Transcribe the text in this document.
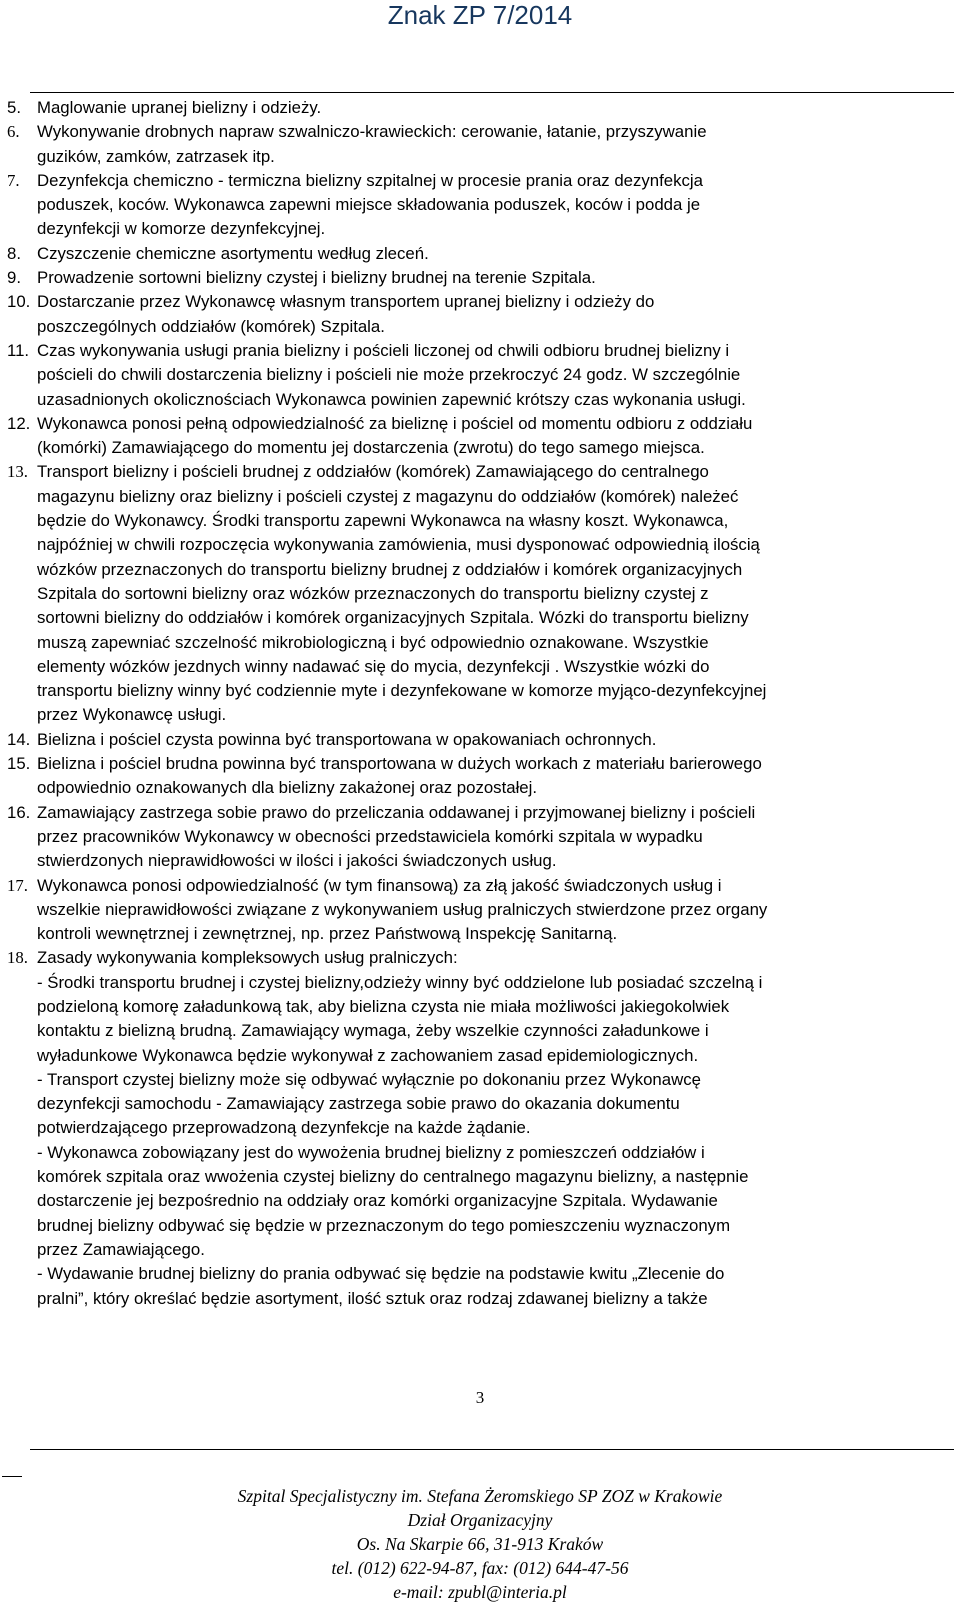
Znak ZP 7/2014
5. Maglowanie upranej bielizny i odzieży.
6.	Wykonywanie drobnych napraw szwalniczo-krawieckich: cerowanie, łatanie, przyszywanie
guzików, zamków, zatrzasek itp.
7.	Dezynfekcja chemiczno - termiczna bielizny szpitalnej w procesie prania oraz dezynfekcja
poduszek, koców. Wykonawca zapewni miejsce składowania poduszek, koców i podda je
dezynfekcji w komorze dezynfekcyjnej.
8. Czyszczenie chemiczne asortymentu według zleceń.
9. Prowadzenie sortowni bielizny czystej i bielizny brudnej na terenie Szpitala.
10. Dostarczanie przez Wykonawcę własnym transportem upranej bielizny i odzieży do
poszczególnych oddziałów (komórek) Szpitala.
11. Czas wykonywania usługi prania bielizny i pościeli liczonej od chwili odbioru brudnej bielizny i
pościeli do chwili dostarczenia bielizny i pościeli nie może przekroczyć 24 godz. W szczególnie
uzasadnionych okolicznościach Wykonawca powinien zapewnić krótszy czas wykonania usługi.
12. Wykonawca ponosi pełną odpowiedzialność za bieliznę i pościel od momentu odbioru z oddziału
(komórki) Zamawiającego do momentu jej dostarczenia (zwrotu) do tego samego miejsca.
13. Transport bielizny i pościeli brudnej z oddziałów (komórek) Zamawiającego do centralnego
magazynu bielizny oraz bielizny i pościeli czystej z magazynu do oddziałów (komórek) należeć
będzie do Wykonawcy. Środki transportu zapewni Wykonawca na własny koszt. Wykonawca,
najpóźniej w chwili rozpoczęcia wykonywania zamówienia, musi dysponować odpowiednią ilością
wózków przeznaczonych do transportu bielizny brudnej z oddziałów i komórek organizacyjnych
Szpitala do sortowni bielizny oraz wózków przeznaczonych do transportu bielizny czystej z
sortowni bielizny do oddziałów i komórek organizacyjnych Szpitala. Wózki do transportu bielizny
muszą zapewniać szczelność mikrobiologiczną i być odpowiednio oznakowane. Wszystkie
elementy wózków jezdnych winny nadawać się do mycia, dezynfekcji . Wszystkie wózki do
transportu bielizny winny być codziennie myte i dezynfekowane w komorze myjąco-dezynfekcyjnej
przez Wykonawcę usługi.
14. Bielizna i pościel czysta powinna być transportowana w opakowaniach ochronnych.
15. Bielizna i pościel brudna powinna być transportowana w dużych workach z materiału barierowego
odpowiednio oznakowanych dla bielizny zakażonej oraz pozostałej.
16. Zamawiający zastrzega sobie prawo do przeliczania oddawanej i przyjmowanej bielizny i pościeli
przez pracowników Wykonawcy w obecności przedstawiciela komórki szpitala w wypadku
stwierdzonych nieprawidłowości w ilości i jakości świadczonych usług.
17. Wykonawca ponosi odpowiedzialność (w tym finansową) za złą jakość świadczonych usług i
wszelkie nieprawidłowości związane z wykonywaniem usług pralniczych stwierdzone przez organy
kontroli wewnętrznej i zewnętrznej, np. przez Państwową Inspekcję Sanitarną.
18. Zasady wykonywania kompleksowych usług pralniczych:
- Środki transportu brudnej i czystej bielizny,odzieży winny być oddzielone lub posiadać szczelną i
podzieloną komorę załadunkową tak, aby bielizna czysta nie miała możliwości jakiegokolwiek
kontaktu z bielizną brudną. Zamawiający wymaga, żeby wszelkie czynności załadunkowe i
wyładunkowe Wykonawca będzie wykonywał z zachowaniem zasad epidemiologicznych.
- Transport czystej bielizny może się odbywać wyłącznie po dokonaniu przez Wykonawcę
dezynfekcji samochodu - Zamawiający zastrzega sobie prawo do okazania dokumentu
potwierdzającego przeprowadzoną dezynfekcje na każde żądanie.
- Wykonawca zobowiązany jest do wywożenia brudnej bielizny z pomieszczeń oddziałów i
komórek szpitala oraz wwożenia czystej bielizny do centralnego magazynu bielizny, a następnie
dostarczenie jej bezpośrednio na oddziały oraz komórki organizacyjne Szpitala. Wydawanie
brudnej bielizny odbywać się będzie w przeznaczonym do tego pomieszczeniu wyznaczonym
przez Zamawiającego.
- Wydawanie brudnej bielizny do prania odbywać się będzie na podstawie kwitu „Zlecenie do
pralni”, który określać będzie asortyment, ilość sztuk oraz rodzaj zdawanej bielizny a także
3
Szpital Specjalistyczny im. Stefana Żeromskiego SP ZOZ w Krakowie
Dział Organizacyjny
Os. Na Skarpie 66, 31-913 Kraków
tel. (012) 622-94-87, fax: (012) 644-47-56
e-mail: zpubl@interia.pl
